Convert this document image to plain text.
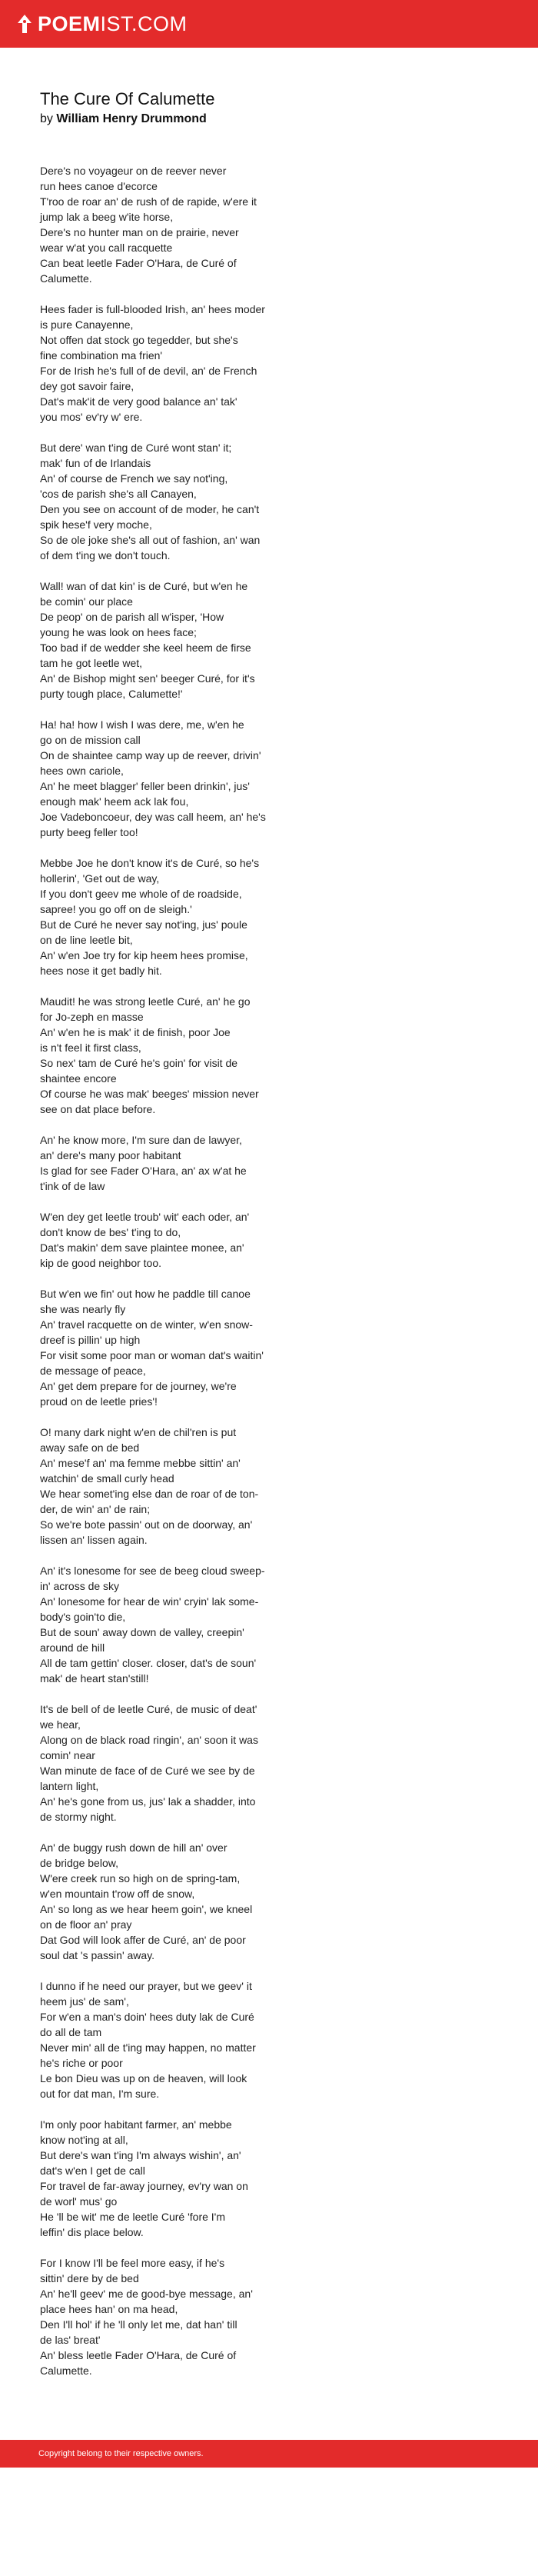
POEMIST.COM
The Cure Of Calumette
by William Henry Drummond

Dere's no voyageur on de reever never
run hees canoe d'ecorce
T'roo de roar an' de rush of de rapide, w'ere it
jump lak a beeg w'ite horse,
Dere's no hunter man on de prairie, never
wear w'at you call racquette
Can beat leetle Fader O'Hara, de Curé of
Calumette.

Hees fader is full-blooded Irish, an' hees moder
is pure Canayenne,
Not offen dat stock go tegedder, but she's
fine combination ma frien'
For de Irish he's full of de devil, an' de French
dey got savoir faire,
Dat's mak'it de very good balance an' tak'
you mos' ev'ry w' ere.

But dere' wan t'ing de Curé wont stan' it;
mak' fun of de Irlandais
An' of course de French we say not'ing,
'cos de parish she's all Canayen,
Den you see on account of de moder, he can't
spik hese'f very moche,
So de ole joke she's all out of fashion, an' wan
of dem t'ing we don't touch.

Wall! wan of dat kin' is de Curé, but w'en he
be comin' our place
De peop' on de parish all w'isper, 'How
young he was look on hees face;
Too bad if de wedder she keel heem de firse
tam he got leetle wet,
An' de Bishop might sen' beeger Curé, for it's
purty tough place, Calumette!'

Ha! ha! how I wish I was dere, me, w'en he
go on de mission call
On de shaintee camp way up de reever, drivin'
hees own cariole,
An' he meet blagger' feller been drinkin', jus'
enough mak' heem ack lak fou,
Joe Vadeboncoeur, dey was call heem, an' he's
purty beeg feller too!

Mebbe Joe he don't know it's de Curé, so he's
hollerin', 'Get out de way,
If you don't geev me whole of de roadside,
sapree! you go off on de sleigh.'
But de Curé he never say not'ing, jus' poule
on de line leetle bit,
An' w'en Joe try for kip heem hees promise,
hees nose it get badly hit.

Maudit! he was strong leetle Curé, an' he go
for Jo-zeph en masse
An' w'en he is mak' it de finish, poor Joe
is n't feel it first class,
So nex' tam de Curé he's goin' for visit de
shaintee encore
Of course he was mak' beeges' mission never
see on dat place before.

An' he know more, I'm sure dan de lawyer,
an' dere's many poor habitant
Is glad for see Fader O'Hara, an' ax w'at he
t'ink of de law

W'en dey get leetle troub' wit' each oder, an'
don't know de bes' t'ing to do,
Dat's makin' dem save plaintee monee, an'
kip de good neighbor too.

But w'en we fin' out how he paddle till canoe
she was nearly fly
An' travel racquette on de winter, w'en snow-
dreef is pillin' up high
For visit some poor man or woman dat's waitin'
de message of peace,
An' get dem prepare for de journey, we're
proud on de leetle pries'!

O! many dark night w'en de chil'ren is put
away safe on de bed
An' mese'f an' ma femme mebbe sittin' an'
watchin' de small curly head
We hear somet'ing else dan de roar of de ton-
der, de win' an' de rain;
So we're bote passin' out on de doorway, an'
lissen an' lissen again.

An' it's lonesome for see de beeg cloud sweep-
in' across de sky
An' lonesome for hear de win' cryin' lak some-
body's goin'to die,
But de soun' away down de valley, creepin'
around de hill
All de tam gettin' closer. closer, dat's de soun'
mak' de heart stan'still!

It's de bell of de leetle Curé, de music of deat'
we hear,
Along on de black road ringin', an' soon it was
comin' near
Wan minute de face of de Curé we see by de
lantern light,
An' he's gone from us, jus' lak a shadder, into
de stormy night.

An' de buggy rush down de hill an' over
de bridge below,
W'ere creek run so high on de spring-tam,
w'en mountain t'row off de snow,
An' so long as we hear heem goin', we kneel
on de floor an' pray
Dat God will look affer de Curé, an' de poor
soul dat 's passin' away.

I dunno if he need our prayer, but we geev' it
heem jus' de sam',
For w'en a man's doin' hees duty lak de Curé
do all de tam
Never min' all de t'ing may happen, no matter
he's riche or poor
Le bon Dieu was up on de heaven, will look
out for dat man, I'm sure.

I'm only poor habitant farmer, an' mebbe
know not'ing at all,
But dere's wan t'ing I'm always wishin', an'
dat's w'en I get de call
For travel de far-away journey, ev'ry wan on
de worl' mus' go
He 'll be wit' me de leetle Curé 'fore I'm
leffin' dis place below.

For I know I'll be feel more easy, if he's
sittin' dere by de bed
An' he'll geev' me de good-bye message, an'
place hees han' on ma head,
Den I'll hol' if he 'll only let me, dat han' till
de las' breat'
An' bless leetle Fader O'Hara, de Curé of
Calumette.

Copyright belong to their respective owners.
